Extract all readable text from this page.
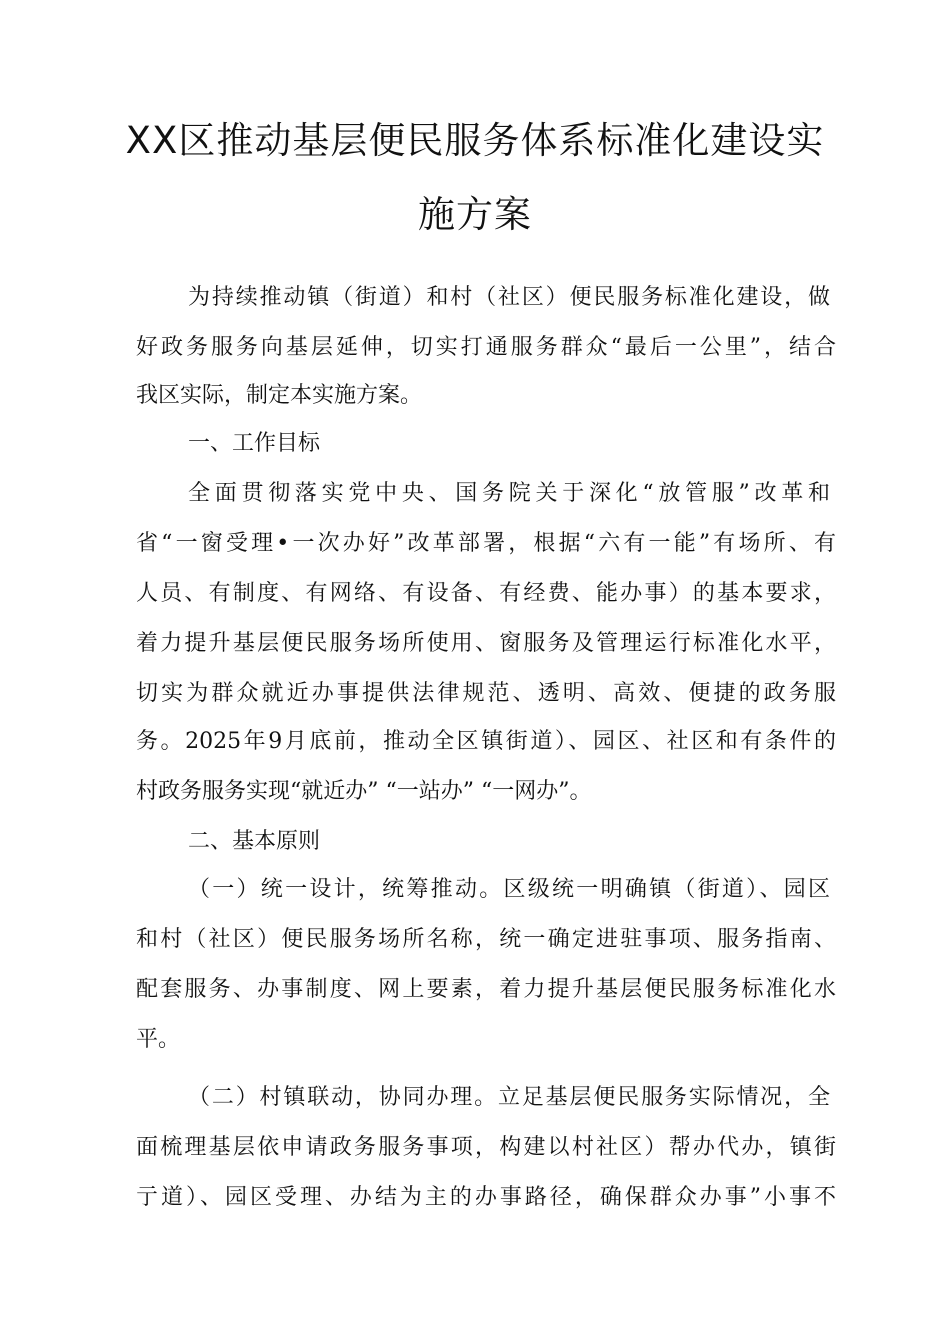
XX区推动基层便民服务体系标准化建设实
施方案
为持续推动镇（街道）和村（社区）便民服务标准化建设，做
好政务服务向基层延伸，切实打通服务群众“最后一公里”，结合
我区实际，制定本实施方案。
一、工作目标
全面贯彻落实党中央、国务院关于深化“放管服”改革和
省“一窗受理•一次办好”改革部署，根据“六有一能”有场所、有
人员、有制度、有网络、有设备、有经费、能办事）的基本要求，
着力提升基层便民服务场所使用、窗服务及管理运行标准化水平，
切实为群众就近办事提供法律规范、透明、高效、便捷的政务服
务。2025年9月底前，推动全区镇街道）、园区、社区和有条件的
村政务服务实现“就近办” “一站办” “一网办”。
二、基本原则
（一）统一设计，统筹推动。区级统一明确镇（街道）、园区
和村（社区）便民服务场所名称，统一确定进驻事项、服务指南、
配套服务、办事制度、网上要素，着力提升基层便民服务标准化水
平。
（二）村镇联动，协同办理。立足基层便民服务实际情况，全
面梳理基层依申请政务服务事项，构建以村社区）帮办代办，镇街
亍道）、园区受理、办结为主的办事路径，确保群众办事”小事不
